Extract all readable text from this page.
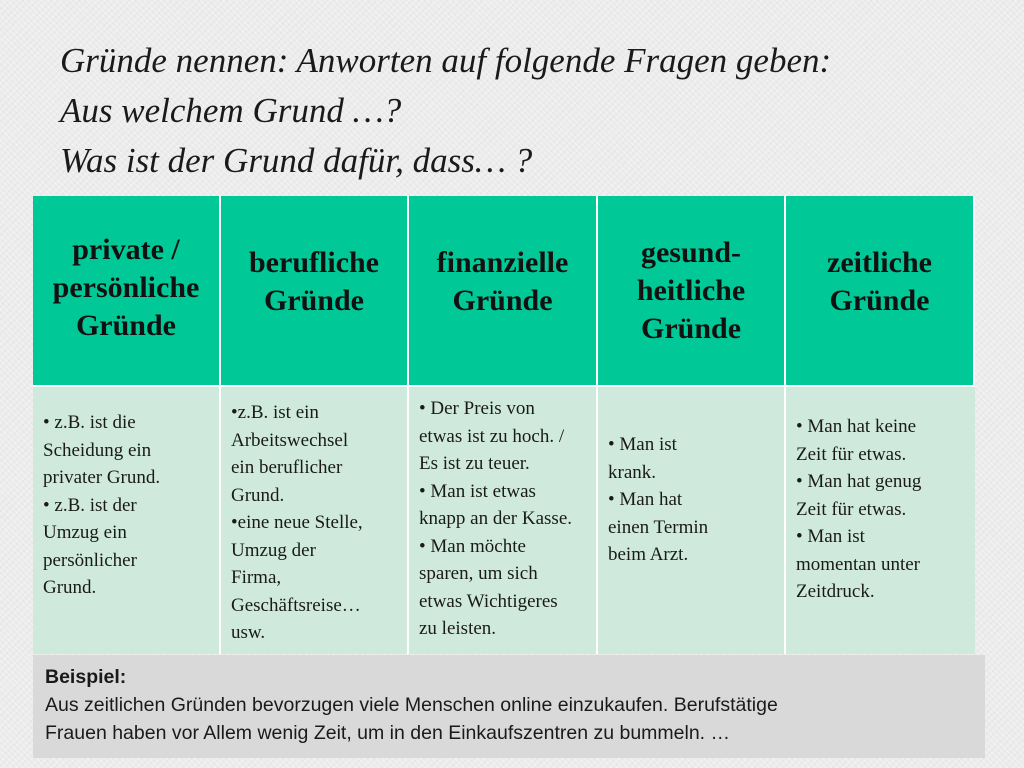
Gründe nennen: Anworten auf folgende Fragen geben:
Aus welchem Grund …?
Was ist der Grund dafür, dass… ?
private /
persönliche
Gründe
berufliche
Gründe
finanzielle
Gründe
gesund-
heitliche
Gründe
zeitliche
Gründe
• z.B. ist die
Scheidung ein
privater Grund.
• z.B. ist der
Umzug ein
persönlicher
Grund.
•z.B. ist ein
Arbeitswechsel
ein beruflicher
Grund.
•eine neue Stelle,
Umzug der
Firma,
Geschäftsreise…
usw.
• Der Preis von
etwas ist zu hoch. /
Es ist zu teuer.
• Man ist etwas
knapp an der Kasse.
• Man möchte
sparen, um sich
etwas Wichtigeres
zu leisten.
• Man ist
krank.
• Man hat
einen Termin
beim Arzt.
• Man hat keine
Zeit für etwas.
• Man hat genug
Zeit für etwas.
• Man ist
momentan unter
Zeitdruck.
Beispiel:
Aus zeitlichen Gründen bevorzugen viele Menschen online einzukaufen. Berufstätige
Frauen haben vor Allem wenig Zeit, um in den Einkaufszentren zu bummeln. …
